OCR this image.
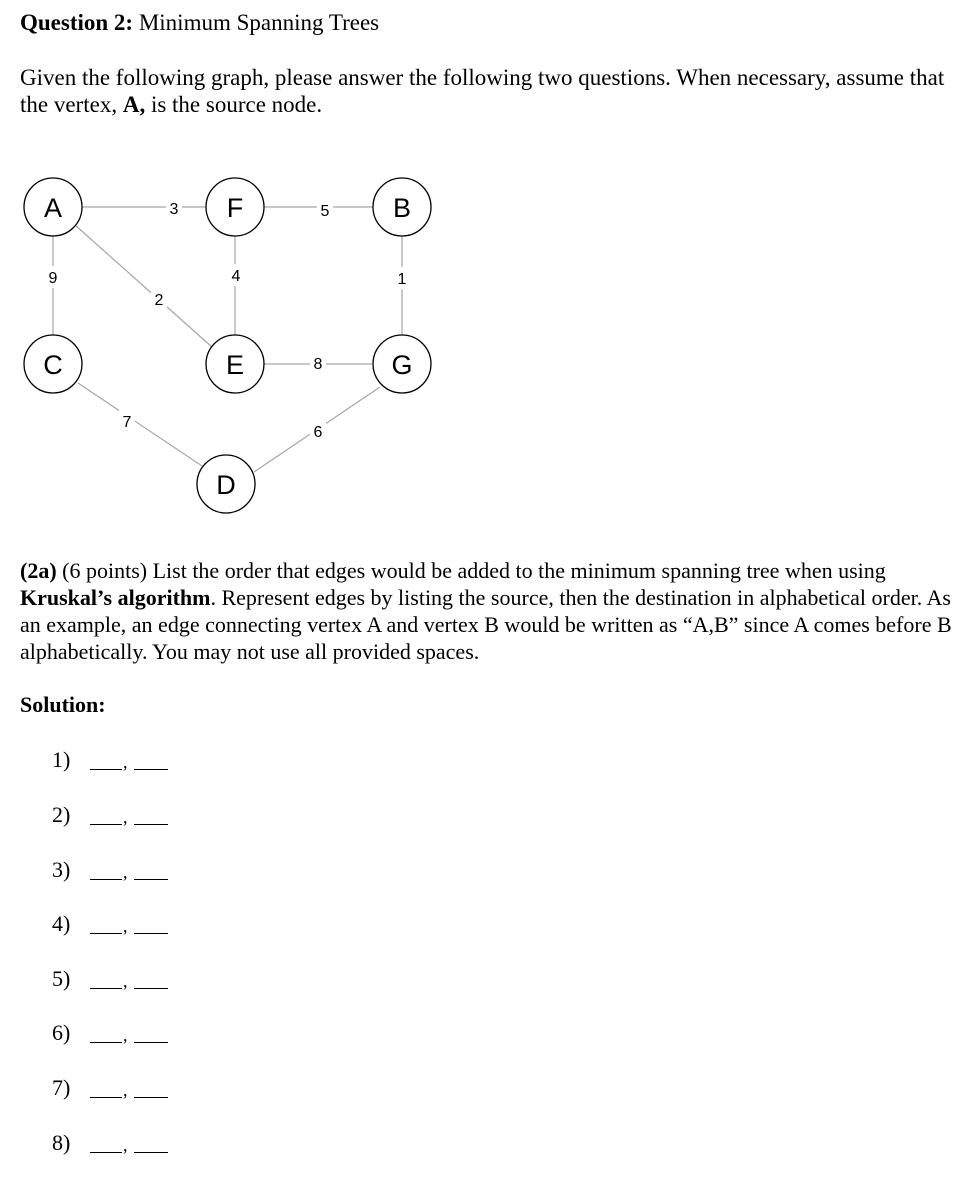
Question 2: Minimum Spanning Trees
Given the following graph, please answer the following two questions. When necessary, assume that the vertex, A, is the source node.
3	5
9
2
4	1
8
7
6
A	F	B
C	E	G
D
(2a) (6 points) List the order that edges would be added to the minimum spanning tree when using Kruskal’s algorithm. Represent edges by listing the source, then the destination in alphabetical order. As an example, an edge connecting vertex A and vertex B would be written as “A,B” since A comes before B alphabetically. You may not use all provided spaces.
Solution:
1)	,
2)	,
3)	,
4)	,
5)	,
6)	,
7)	,
8)	,
